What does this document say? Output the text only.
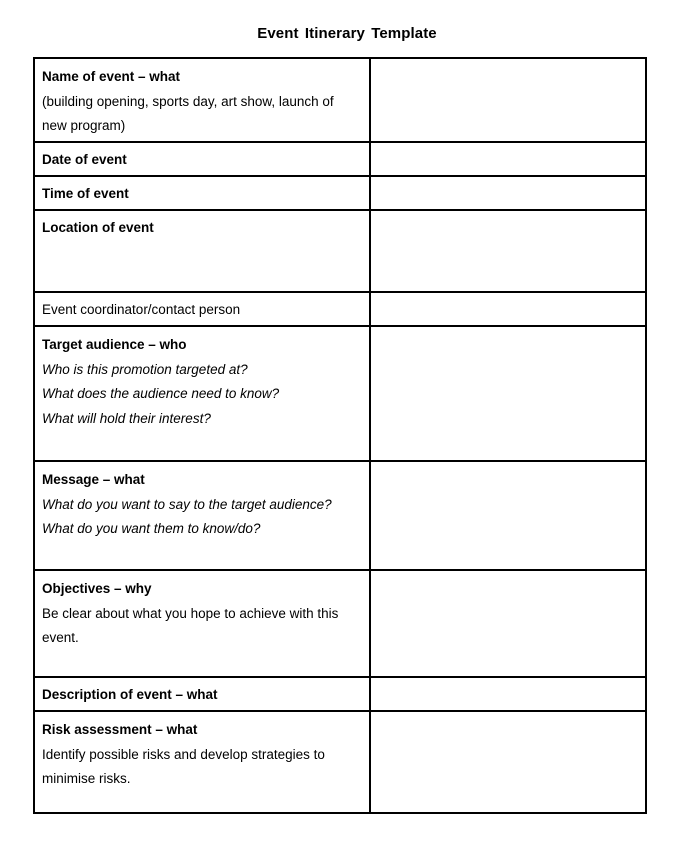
Event Itinerary Template
Name of event – what
(building opening, sports day, art show, launch of
new program)	

Date of event	

Time of event	

Location of event	

Event coordinator/contact person	

Target audience – who
Who is this promotion targeted at?
What does the audience need to know?
What will hold their interest?	

Message – what
What do you want to say to the target audience?
What do you want them to know/do?	

Objectives – why
Be clear about what you hope to achieve with this
event.	

Description of event – what	

Risk assessment – what
Identify possible risks and develop strategies to
minimise risks.	
